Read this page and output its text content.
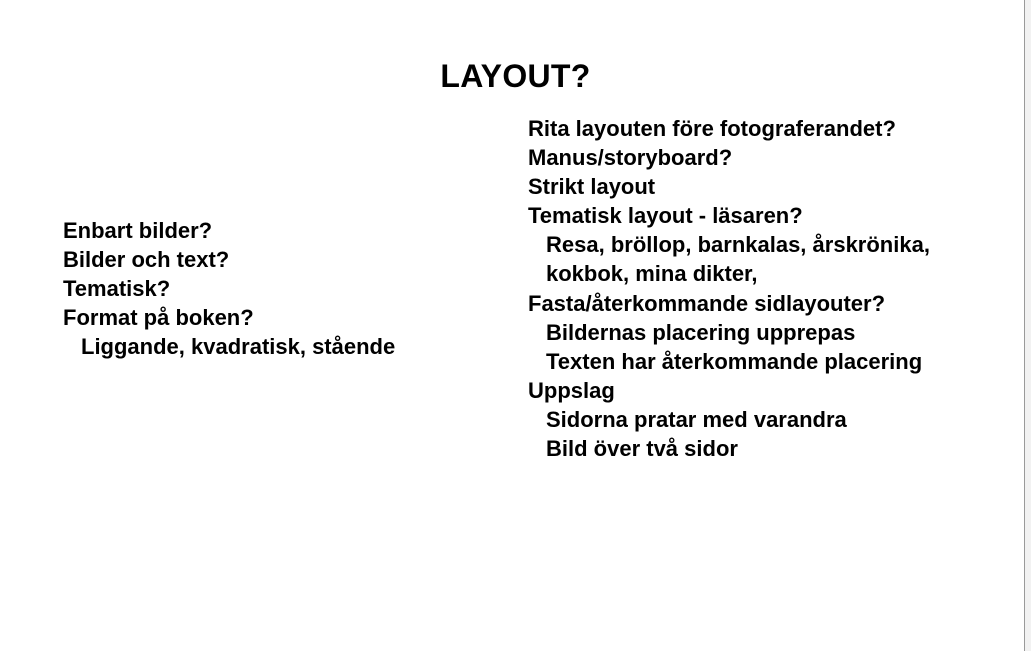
LAYOUT?
Enbart bilder?
Bilder och text?
Tematisk?
Format på boken?
Liggande, kvadratisk, stående
Rita layouten före fotograferandet?
Manus/storyboard?
Strikt layout
Tematisk layout - läsaren?
Resa, bröllop, barnkalas, årskrönika,
kokbok, mina dikter,
Fasta/återkommande sidlayouter?
Bildernas placering upprepas
Texten har återkommande placering
Uppslag
Sidorna pratar med varandra
Bild över två sidor
